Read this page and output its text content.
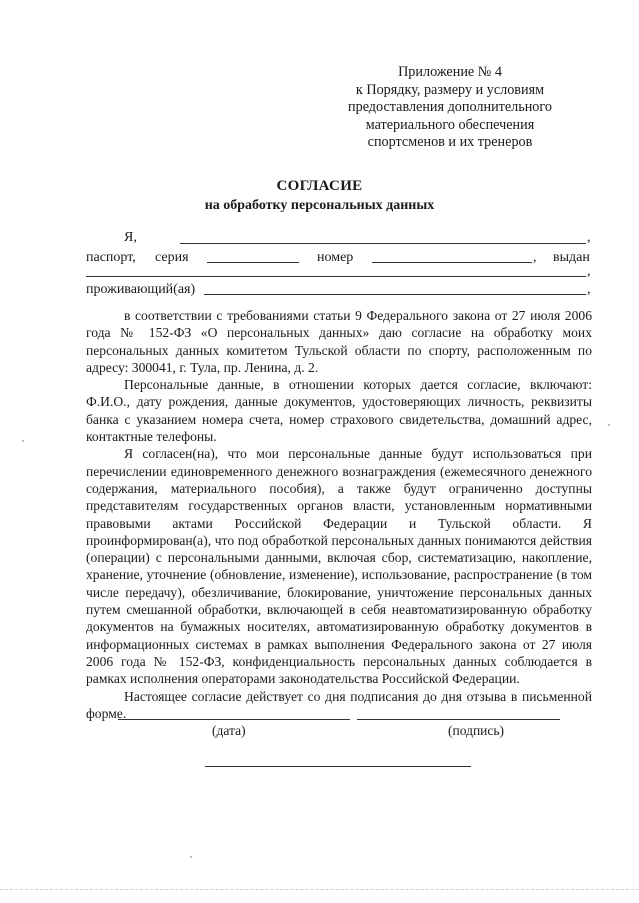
Приложение № 4
к Порядку, размеру и условиям
предоставления дополнительного
материального обеспечения
спортсменов и их тренеров
СОГЛАСИЕ
на обработку персональных данных
Я,	,
паспорт, серия	номер	, выдан
,
проживающий(ая)	,

в соответствии с требованиями статьи 9 Федерального закона от 27 июля 2006 года № 152-ФЗ «О персональных данных» даю согласие на обработку моих персональных данных комитетом Тульской области по спорту, расположенным по адресу: 300041, г. Тула, пр. Ленина, д. 2.

Персональные данные, в отношении которых дается согласие, включают: Ф.И.О., дату рождения, данные документов, удостоверяющих личность, реквизиты банка с указанием номера счета, номер страхового свидетельства, домашний адрес, контактные телефоны.

Я согласен(на), что мои персональные данные будут использоваться при перечислении единовременного денежного вознаграждения (ежемесячного денежного содержания, материального пособия), а также будут ограниченно доступны представителям государственных органов власти, установленным нормативными правовыми актами Российской Федерации и Тульской области. Я проинформирован(а), что под обработкой персональных данных понимаются действия (операции) с персональными данными, включая сбор, систематизацию, накопление, хранение, уточнение (обновление, изменение), использование, распространение (в том числе передачу), обезличивание, блокирование, уничтожение персональных данных путем смешанной обработки, включающей в себя неавтоматизированную обработку документов на бумажных носителях, автоматизированную обработку документов в информационных системах в рамках выполнения Федерального закона от 27 июля 2006 года № 152-ФЗ, конфиденциальность персональных данных соблюдается в рамках исполнения операторами законодательства Российской Федерации.

Настоящее согласие действует со дня подписания до дня отзыва в письменной форме.

(дата)	(подпись)
